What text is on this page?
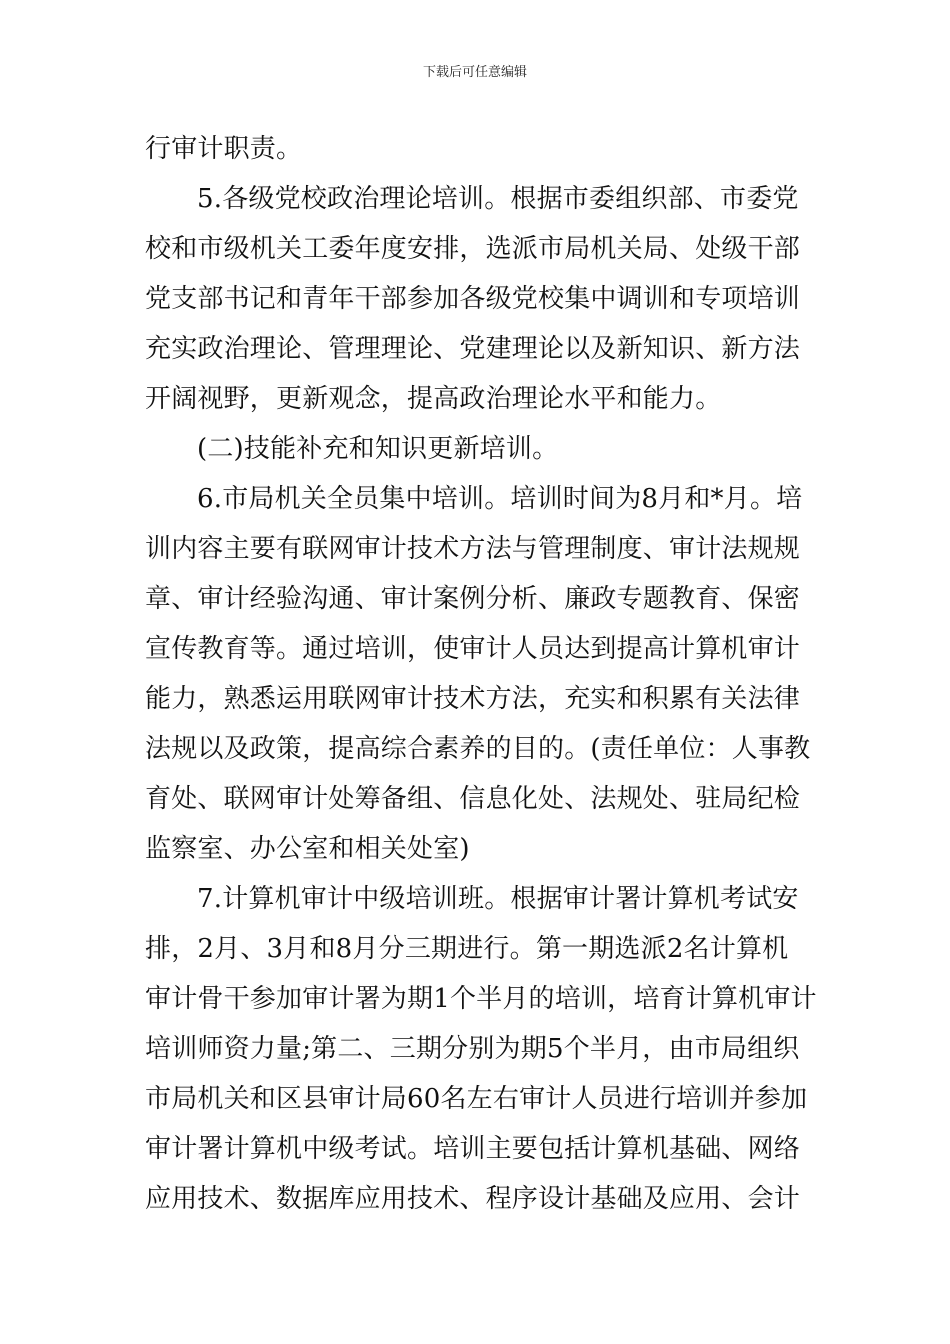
下载后可任意编辑
行审计职责。
5.各级党校政治理论培训。根据市委组织部、市委党
校和市级机关工委年度安排，选派市局机关局、处级干部
党支部书记和青年干部参加各级党校集中调训和专项培训
充实政治理论、管理理论、党建理论以及新知识、新方法
开阔视野，更新观念，提高政治理论水平和能力。
(二)技能补充和知识更新培训。
6.市局机关全员集中培训。培训时间为8月和*月。培
训内容主要有联网审计技术方法与管理制度、审计法规规
章、审计经验沟通、审计案例分析、廉政专题教育、保密
宣传教育等。通过培训，使审计人员达到提高计算机审计
能力，熟悉运用联网审计技术方法，充实和积累有关法律
法规以及政策，提高综合素养的目的。(责任单位：人事教
育处、联网审计处筹备组、信息化处、法规处、驻局纪检
监察室、办公室和相关处室)
7.计算机审计中级培训班。根据审计署计算机考试安
排，2月、3月和8月分三期进行。第一期选派2名计算机
审计骨干参加审计署为期1个半月的培训，培育计算机审计
培训师资力量;第二、三期分别为期5个半月，由市局组织
市局机关和区县审计局60名左右审计人员进行培训并参加
审计署计算机中级考试。培训主要包括计算机基础、网络
应用技术、数据库应用技术、程序设计基础及应用、会计
